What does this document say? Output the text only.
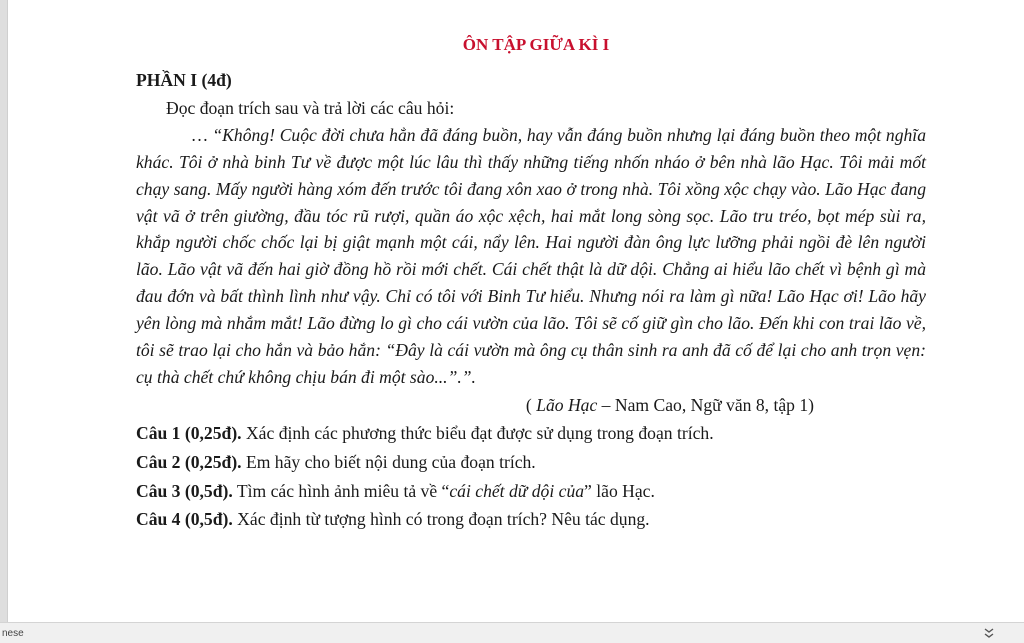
ÔN TẬP GIỮA KÌ I
PHẦN I (4đ)
Đọc đoạn trích sau và trả lời các câu hỏi:
… “Không! Cuộc đời chưa hẳn đã đáng buồn, hay vẫn đáng buồn nhưng lại đáng buồn theo một nghĩa khác. Tôi ở nhà binh Tư về được một lúc lâu thì thấy những tiếng nhốn nháo ở bên nhà lão Hạc. Tôi mải mốt chạy sang. Mấy người hàng xóm đến trước tôi đang xôn xao ở trong nhà. Tôi xồng xộc chạy vào. Lão Hạc đang vật vã ở trên giường, đầu tóc rũ rượi, quần áo xộc xệch, hai mắt long sòng sọc. Lão tru tréo, bọt mép sùi ra, khắp người chốc chốc lại bị giật mạnh một cái, nẩy lên. Hai người đàn ông lực lưỡng phải ngồi đè lên người lão. Lão vật vã đến hai giờ đồng hồ rồi mới chết. Cái chết thật là dữ dội. Chẳng ai hiểu lão chết vì bệnh gì mà đau đớn và bất thình lình như vậy. Chỉ có tôi với Binh Tư hiểu. Nhưng nói ra làm gì nữa! Lão Hạc ơi! Lão hãy yên lòng mà nhắm mắt! Lão đừng lo gì cho cái vườn của lão. Tôi sẽ cố giữ gìn cho lão. Đến khi con trai lão về, tôi sẽ trao lại cho hắn và bảo hắn: “Đây là cái vườn mà ông cụ thân sinh ra anh đã cố để lại cho anh trọn vẹn: cụ thà chết chứ không chịu bán đi một sào...”.”.
( Lão Hạc – Nam Cao, Ngữ văn 8, tập 1)
Câu 1 (0,25đ). Xác định các phương thức biểu đạt được sử dụng trong đoạn trích.
Câu 2 (0,25đ). Em hãy cho biết nội dung của đoạn trích.
Câu 3 (0,5đ). Tìm các hình ảnh miêu tả về “cái chết dữ dội của” lão Hạc.
Câu 4 (0,5đ). Xác định từ tượng hình có trong đoạn trích? Nêu tác dụng.
nese
